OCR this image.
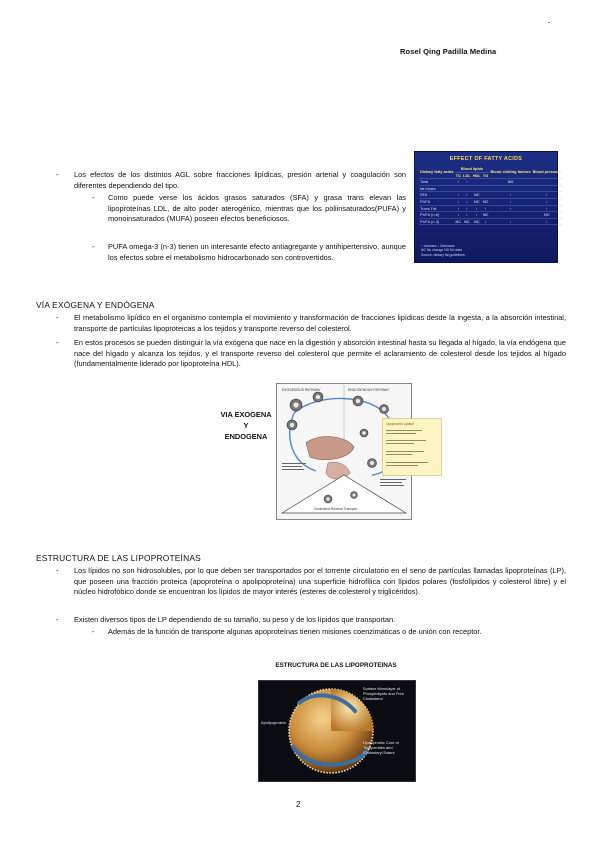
Rosel Qing Padilla Medina
- Los efectos de los distintos AGL sobre fracciones lipídicas, presión arterial y coagulación son diferentes dependiendo del tipo.
- Como puede verse los ácidos grasos saturados (SFA) y grasa trans elevan las lipoproteínas LDL, de alto poder aterogénico, mientras que los poliinsaturados(PUFA) y monoinsaturados (MUFA) poseen efectos beneficiosos.
- PUFA omega-3 (n-3) tienen un interesante efecto antiagregante y antihipertensivo, aunque los efectos sobre el metabolismo hidrocarbonado son controvertidos.
EFFECT OF FATTY ACIDS
Dietary fatty acids	Blood lipids				Blood clotting factors	Blood pressure
	TC	LDL	HDL	TG		
Total	↑	↑			ND	
fat intake						
SFA	↑	↑	NC		↑	↑
PUFA	↓	↓	NC	NC	↓	↓
Trans Fat	↑	↑	↓	↑	↑	↑
PUFA (n-6)	↓	↓	↓	NC		NC
PUFA (n-3)	NC	NC	NC	↓	↓	↓
↑ Increase ↓ Decrease
NC No change ND No data
Source: dietary fat guidelines
VÍA EXÓGENA Y ENDÓGENA
- El metabolismo lipídico en el organismo contempla el movimiento y transformación de fracciones lipídicas desde la ingesta, a la absorción intestinal, transporte de partículas lipoproteicas a los tejidos y transporte reverso del colesterol.
- En estos procesos se pueden distinguir la vía exógena que nace en la digestión y absorción intestinal hasta su llegada al hígado, la vía endógena que nace del hígado y alcanza los tejidos, y el transporte reverso del colesterol que permite el aclaramiento de colesterol desde los tejidos al hígado (fundamentalmente liderado por lipoproteína HDL).
VIA EXOGENA
Y
ENDOGENA
EXOGENOUS PATHWAY	ENDOGENOUS PATHWAY
Cholesterol Reverse Transport
Lipoprotein Lipase
ESTRUCTURA DE LAS LIPOPROTEÍNAS
- Los lípidos no son hidrosolubles, por lo que deben ser transportados por el torrente circulatorio en el seno de partículas llamadas lipoproteínas (LP), que poseen una fracción proteica (apoproteína o apolipoproteína) una superficie hidrofílica con lípidos polares (fosfolípidos y colesterol libre) y el núcleo hidrofóbico donde se encuentran los lípidos de mayor interés (esteres de colesterol y triglicéridos).
- Existen diversos tipos de LP dependiendo de su tamaño, su peso y de los lípidos que transportan.
- Además de la función de transporte algunas apoproteínas tienen misiones coenzimáticas o de unión con receptor.
ESTRUCTURA DE LAS LIPOPROTEINAS
Surface Monolayer of Phospholipids and Free Cholesterol
Apolipoprotein
Hydrophobic Core of Triglycerides and Cholesteryl Esters
2
